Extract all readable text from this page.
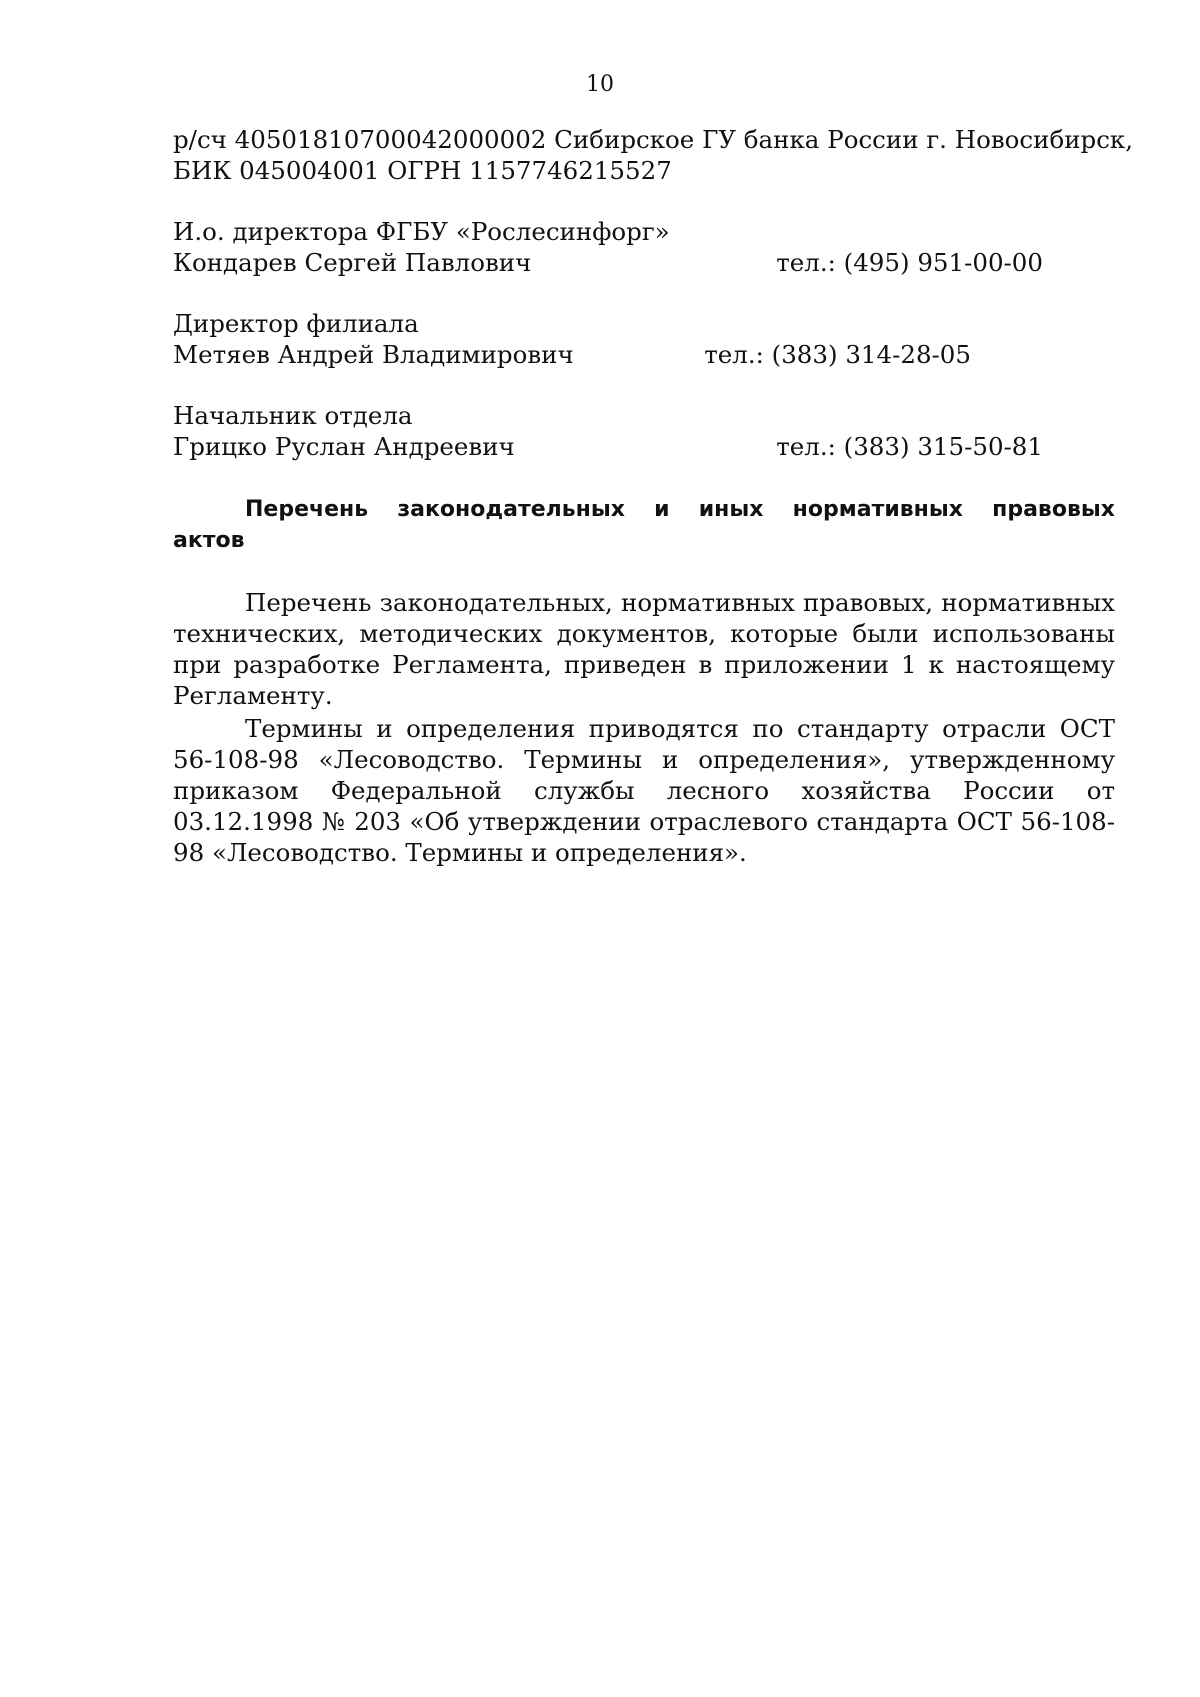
10
р/сч 40501810700042000002 Сибирское ГУ банка России г. Новосибирск,
БИК 045004001 ОГРН 1157746215527
И.о. директора ФГБУ «Рослесинфорг»
Кондарев Сергей Павлович	тел.: (495) 951-00-00
Директор филиала
Метяев Андрей Владимирович	тел.: (383) 314-28-05
Начальник отдела
Грицко Руслан Андреевич	тел.: (383) 315-50-81
Перечень законодательных и иных нормативных правовых
актов

Перечень законодательных, нормативных правовых, нормативных технических, методических документов, которые были использованы при разработке Регламента, приведен в приложении 1 к настоящему Регламенту.

Термины и определения приводятся по стандарту отрасли ОСТ 56-108-98 «Лесоводство. Термины и определения», утвержденному приказом Федеральной службы лесного хозяйства России от 03.12.1998 № 203 «Об утверждении отраслевого стандарта ОСТ 56-108-98 «Лесоводство. Термины и определения».
